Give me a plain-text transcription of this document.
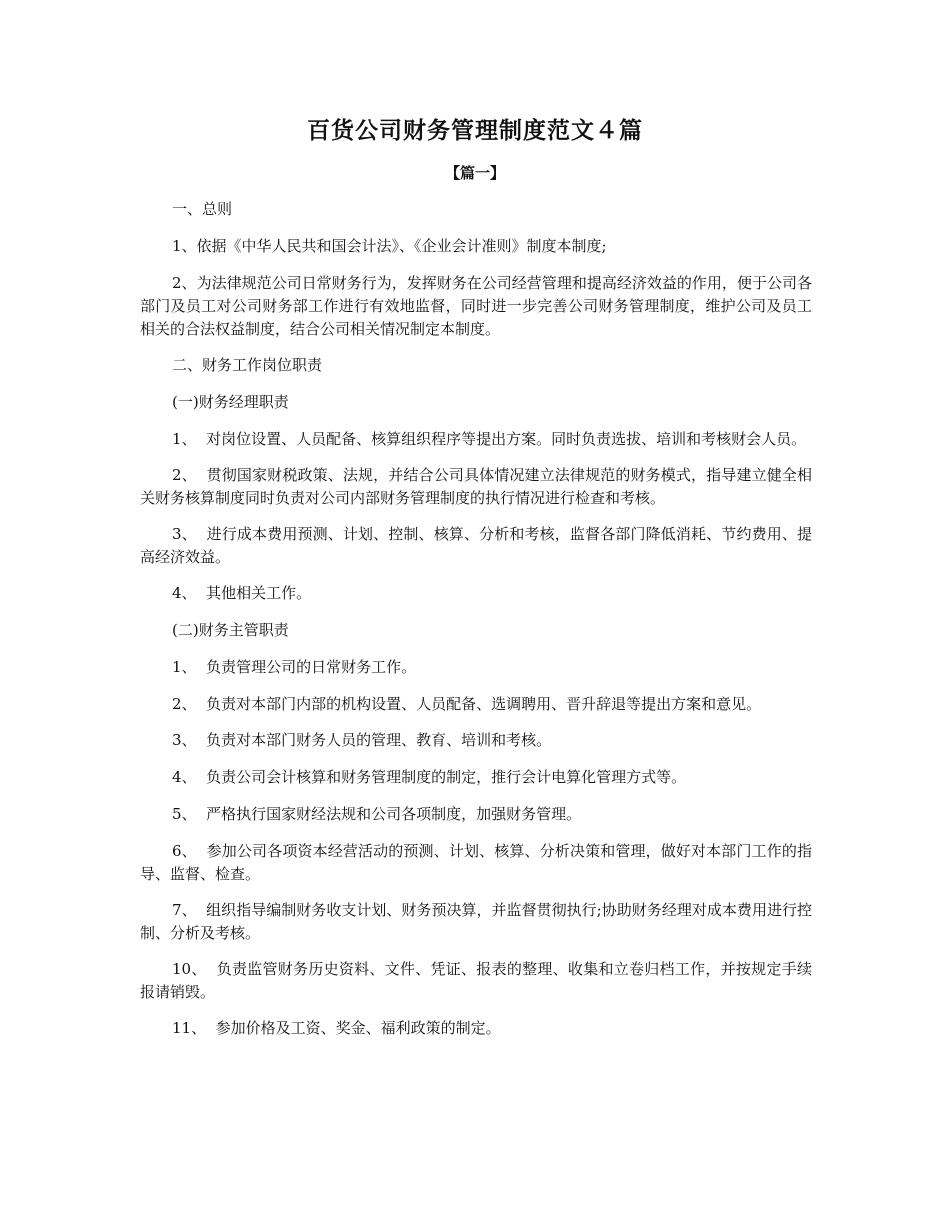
百货公司财务管理制度范文４篇
【篇一】

一、总则

1、依据《中华人民共和国会计法》、《企业会计准则》制度本制度;

2、为法律规范公司日常财务行为，发挥财务在公司经营管理和提高经济效益的作用，便于公司各部门及员工对公司财务部工作进行有效地监督，同时进一步完善公司财务管理制度，维护公司及员工相关的合法权益制度，结合公司相关情况制定本制度。

二、财务工作岗位职责

(一)财务经理职责

1、  对岗位设置、人员配备、核算组织程序等提出方案。同时负责选拔、培训和考核财会人员。

2、  贯彻国家财税政策、法规，并结合公司具体情况建立法律规范的财务模式，指导建立健全相关财务核算制度同时负责对公司内部财务管理制度的执行情况进行检查和考核。

3、  进行成本费用预测、计划、控制、核算、分析和考核，监督各部门降低消耗、节约费用、提高经济效益。

4、  其他相关工作。

(二)财务主管职责

1、  负责管理公司的日常财务工作。

2、  负责对本部门内部的机构设置、人员配备、选调聘用、晋升辞退等提出方案和意见。

3、  负责对本部门财务人员的管理、教育、培训和考核。

4、  负责公司会计核算和财务管理制度的制定，推行会计电算化管理方式等。

5、  严格执行国家财经法规和公司各项制度，加强财务管理。

6、  参加公司各项资本经营活动的预测、计划、核算、分析决策和管理，做好对本部门工作的指导、监督、检查。

7、  组织指导编制财务收支计划、财务预决算，并监督贯彻执行;协助财务经理对成本费用进行控制、分析及考核。

10、  负责监管财务历史资料、文件、凭证、报表的整理、收集和立卷归档工作，并按规定手续报请销毁。

11、  参加价格及工资、奖金、福利政策的制定。
